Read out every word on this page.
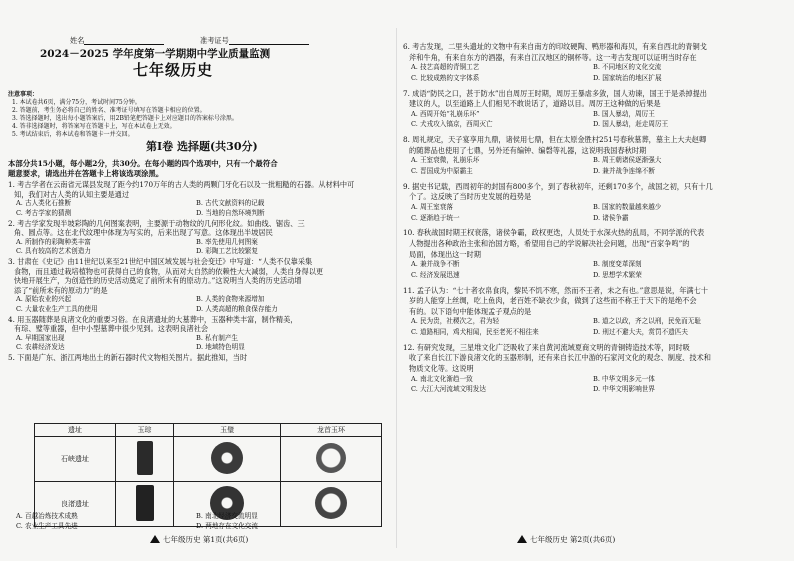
姓名	准考证号
2024－2025 学年度第一学期期中学业质量监测
七年级历史
注意事项：
1. 本试卷共6页，满分75分，考试时间75分钟。
2. 答题前，考生务必将自己的姓名、准考证号填写在答题卡相应的位置。
3. 答选择题时，选出每小题答案后，用2B铅笔把答题卡上对应题目的答案标号涂黑。
4. 答非选择题时，将答案写在答题卡上，写在本试卷上无效。
5. 考试结束后，将本试卷和答题卡一并交回。
第Ⅰ卷 选择题(共30分)
本部分共15小题，每小题2分，共30分。在每小题的四个选项中，只有一个最符合
题意要求，请选出并在答题卡上将该选项涂黑。
1. 考古学者在云南省元谋县发现了距今约170万年的古人类的两颗门牙化石以及一批粗糙的石器。从材料中可
知，我们对古人类的认知主要是通过
A. 古人类化石推断	B. 古代文献资料的记载
C. 考古学家的猜测	D. 当地的自然环境判断
2. 考古学家发现半坡彩陶的几何图案表明，主要源于动物纹的几何形化纹。如曲线、锯齿、三
角、圆点等。这在北代纹理中体现为写实的，后来出现了写意。这体现出半坡居民
A. 所制作的彩陶种类丰富	B. 率先使用几何图案
C. 具有较高的艺术创造力	D. 彩陶工艺比较繁复
3. 甘肃在《史记》由11世纪以来至21世纪中国区域发展与社会变迁》中写道：“人类不仅靠采集
食物，而且通过栽培植物也可获得自己的食物，从而对大自然的依赖性大大减弱，人类自身得以更
快地开展生产，为创造性的历史活动奠定了前所未有的原动力。”这说明当人类的历史活动增
添了“前所未有的原动力”的是
A. 原始农业的兴起	B. 人类的食物来源增加
C. 大量农业生产工具的使用	D. 人类高超的粮食保存能力
4. 用玉器随葬是良渚文化的重要习俗。在良渚遗址的大墓葬中，玉器种类丰富，制作精美，
有琮、璧等重器，但中小型墓葬中很少见到。这表明良渚社会
A. 早期国家出现	B. 私有制产生
C. 农耕经济发达	D. 地域特色明显
5. 下面是广东、浙江两地出土的新石器时代文物相关图片。据此推知，当时
遗址	玉琮	玉璧	龙首玉环
石峡遗址			
良渚遗址			
A. 百越冶炼技术成熟	B. 南北经济交流明显
C. 农业生产工具先进	D. 两地存在文化交流
七年级历史 第1页(共6页)
6. 考古发现，二里头遗址的文物中有来自南方的印纹硬陶、鸭形器和海贝，有来自西北的青铜戈
斧和牛角，有来自东方的酒器，有来自江汉地区的铜杯等。这一考古发现可以证明当时存在
A. 技艺高超的青铜工艺	B. 不同地区的文化交流
C. 比较成熟的文字体系	D. 国家统治的地区扩展
7. 成语“防民之口，甚于防水”出自周厉王时期，周厉王暴虐多敛，国人劝谏，国王于是杀掉提出
建议的人，以至道路上人们相见不敢说话了，道路以目。周厉王这种做的后果是
A. 西周开始“礼崩乐坏”	B. 国人暴动，周厉王
C. 犬戎攻入镐京，西周灭亡	D. 国人暴动，赶走周厉王
8. 周礼规定，天子宴享用九鼎，诸侯用七鼎，但在太原金胜村251号春秋墓葬，墓主上大夫赵卿
的随葬品也使用了七鼎，另外还有编钟、编磬等礼器，这说明我国春秋时期
A. 王室衰微，礼崩乐坏	B. 周王朝诸侯逐渐强大
C. 晋国成为中原霸主	D. 兼并战争连绵不断
9. 据史书记载，西周初年的封国有800多个，到了春秋初年，还剩170多个，战国之初，只有十几
个了。这反映了当时历史发展的趋势是
A. 周王室衰落	B. 国家的数量越来越少
C. 逐渐趋于统一	D. 诸侯争霸
10. 春秋战国时期王权衰落，诸侯争霸，政权更迭，人员处于水深火热的乱局，不同学派的代表
人物提出各种政治主张和治国方略，希望用自己的学说解决社会问题，出现“百家争鸣”的
局面，体现出这一时期
A. 兼并战争不断	B. 制度变革深刻
C. 经济发展迅速	D. 思想学术繁荣
11. 孟子认为：“七十者衣帛食肉，黎民不饥不寒，然而不王者，未之有也。”意思是说，年满七十
岁的人能穿上丝绸，吃上鱼肉，老百姓不缺衣少食，做到了这些而不称王于天下的是绝不会
有的。以下语句中能体现孟子观点的是
A. 民为贵，社稷次之，君为轻	B. 道之以政，齐之以刑，民免而无耻
C. 道路相同，鸡犬相闻，民至老死不相往来	D. 刑过不避大夫，赏罚不遗匹夫
12. 有研究发现，三星堆文化广泛吸收了来自黄河流域夏商文明的青铜铸造技术等，同时吸
收了来自长江下游良渚文化的玉器形制，还有来自长江中游的石家河文化的观念、制度、技术和
物质文化等。这说明
A. 南北文化渐趋一致	B. 中华文明多元一体
C. 大江大河流域文明发达	D. 中华文明影响世界
七年级历史 第2页(共6页)
